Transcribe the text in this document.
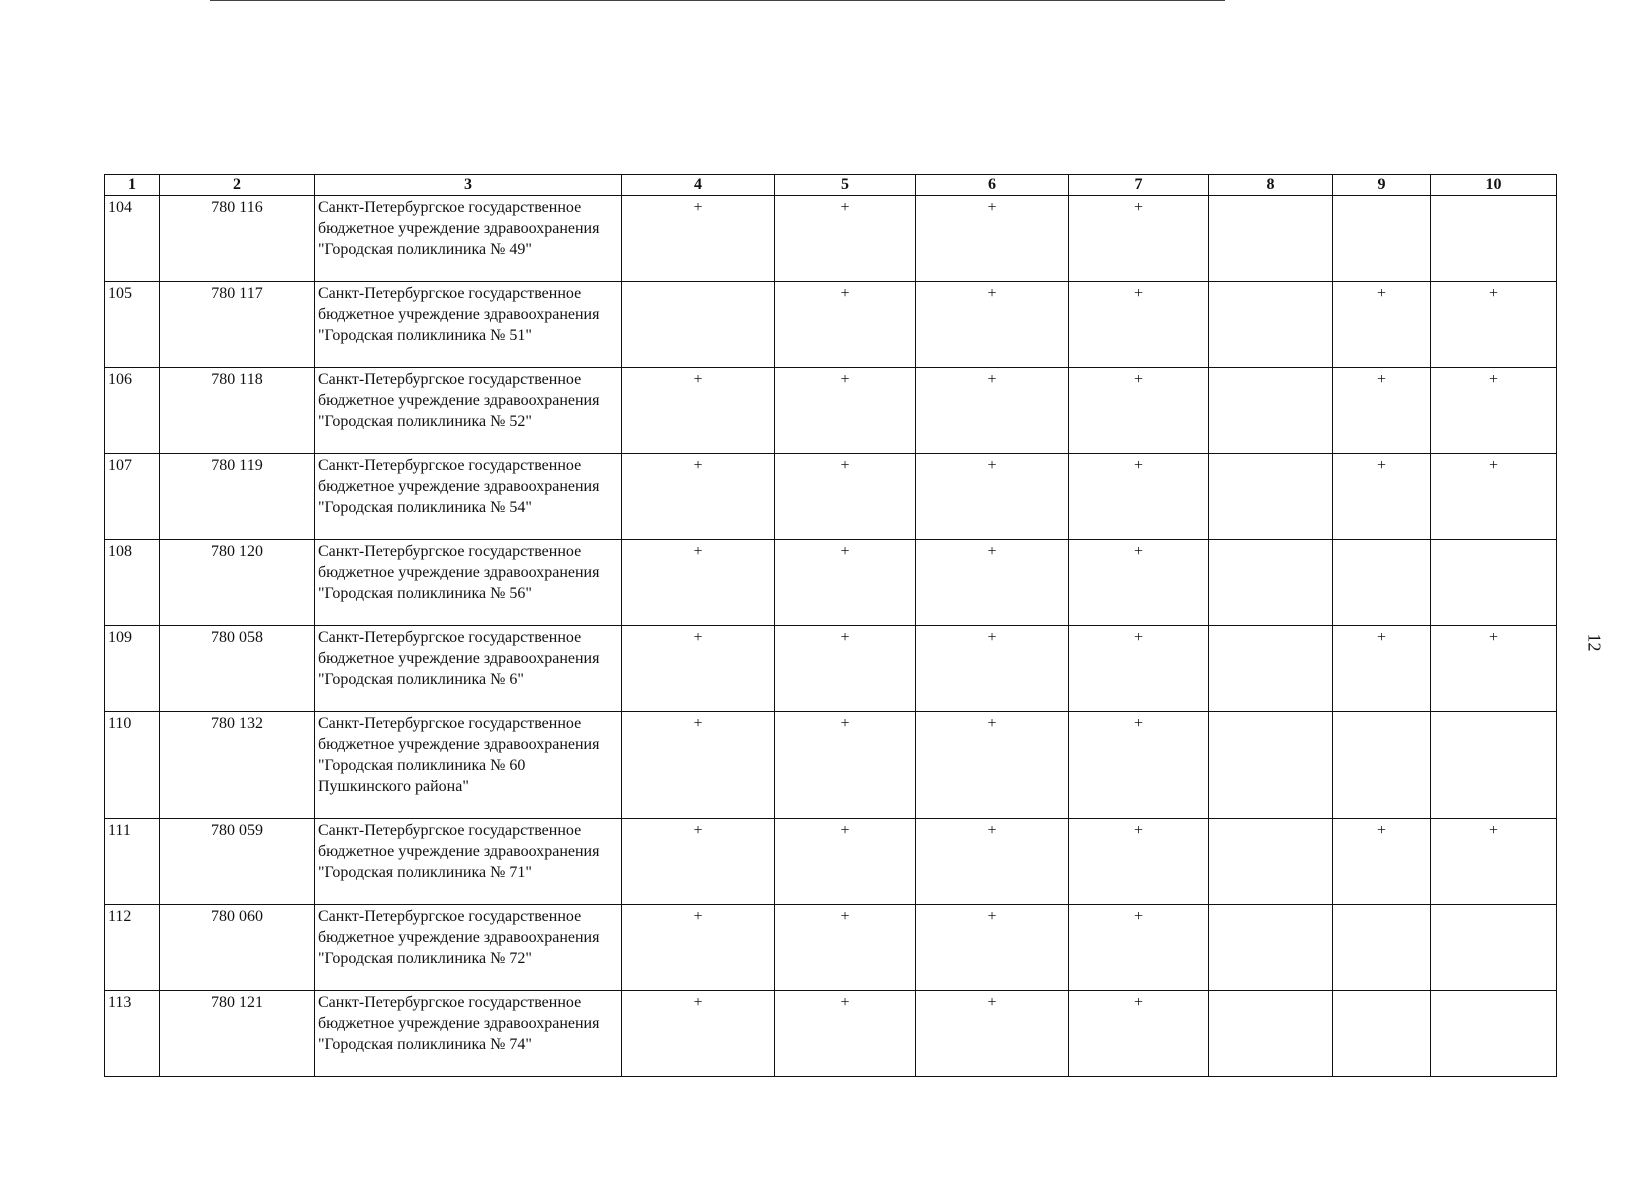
1	2	3	4	5	6	7	8	9	10
104	780 116	Санкт-Петербургское государственное бюджетное учреждение здравоохранения "Городская поликлиника № 49"	+	+	+	+			
105	780 117	Санкт-Петербургское государственное бюджетное учреждение здравоохранения "Городская поликлиника № 51"		+	+	+		+	+
106	780 118	Санкт-Петербургское государственное бюджетное учреждение здравоохранения "Городская поликлиника № 52"	+	+	+	+		+	+
107	780 119	Санкт-Петербургское государственное бюджетное учреждение здравоохранения "Городская поликлиника № 54"	+	+	+	+		+	+
108	780 120	Санкт-Петербургское государственное бюджетное учреждение здравоохранения "Городская поликлиника № 56"	+	+	+	+			
109	780 058	Санкт-Петербургское государственное бюджетное учреждение здравоохранения "Городская поликлиника № 6"	+	+	+	+		+	+
110	780 132	Санкт-Петербургское государственное бюджетное учреждение здравоохранения "Городская поликлиника № 60 Пушкинского района"	+	+	+	+			
111	780 059	Санкт-Петербургское государственное бюджетное учреждение здравоохранения "Городская поликлиника № 71"	+	+	+	+		+	+
112	780 060	Санкт-Петербургское государственное бюджетное учреждение здравоохранения "Городская поликлиника № 72"	+	+	+	+			
113	780 121	Санкт-Петербургское государственное бюджетное учреждение здравоохранения "Городская поликлиника № 74"	+	+	+	+			
12
